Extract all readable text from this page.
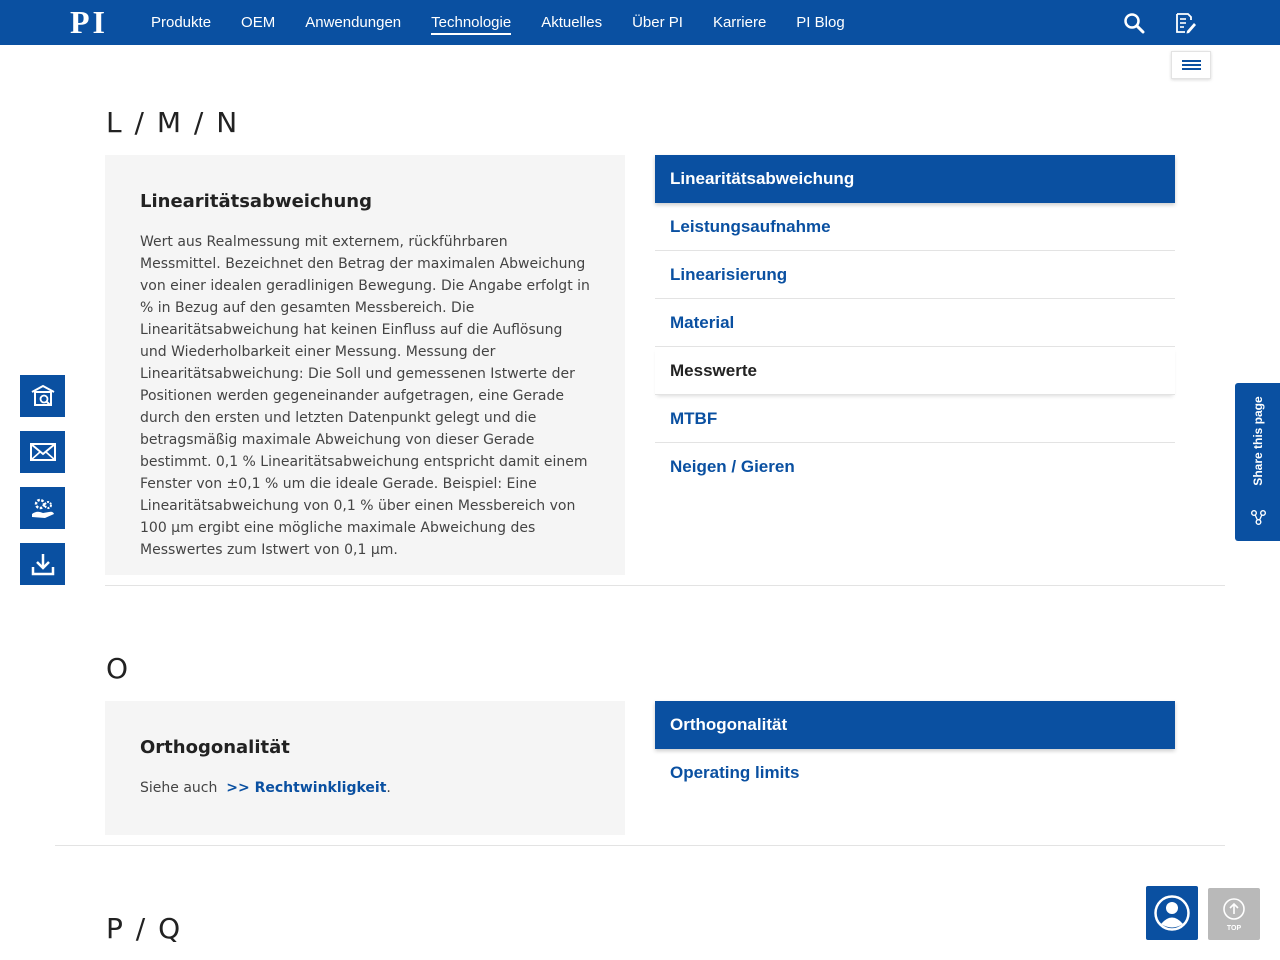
PI	Produkte OEM Anwendungen Technologie Aktuelles Über PI Karriere PI Blog
L / M / N
Linearitätsabweichung

Wert aus Realmessung mit externem, rückführbaren Messmittel. Bezeichnet den Betrag der maximalen Abweichung von einer idealen geradlinigen Bewegung. Die Angabe erfolgt in % in Bezug auf den gesamten Messbereich. Die Linearitätsabweichung hat keinen Einfluss auf die Auflösung und Wiederholbarkeit einer Messung. Messung der Linearitätsabweichung: Die Soll und gemessenen Istwerte der Positionen werden gegeneinander aufgetragen, eine Gerade durch den ersten und letzten Datenpunkt gelegt und die betragsmäßig maximale Abweichung von dieser Gerade bestimmt. 0,1 % Linearitätsabweichung entspricht damit einem Fenster von ±0,1 % um die ideale Gerade. Beispiel: Eine Linearitätsabweichung von 0,1 % über einen Messbereich von 100 µm ergibt eine mögliche maximale Abweichung des Messwertes zum Istwert von 0,1 µm.

Linearitätsabweichung
Leistungsaufnahme
Linearisierung
Material
Messwerte
MTBF
Neigen / Gieren
O
Orthogonalität

Siehe auch >> Rechtwinkligkeit.

Orthogonalität
Operating limits
P / Q
Share this page
TOP
